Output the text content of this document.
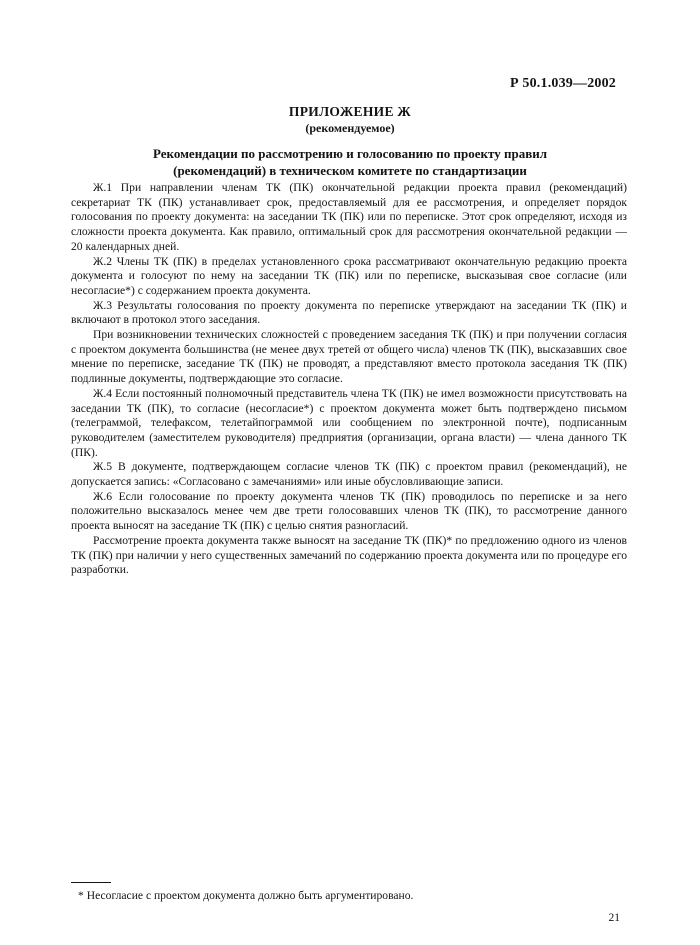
Р 50.1.039—2002
ПРИЛОЖЕНИЕ Ж
(рекомендуемое)
Рекомендации по рассмотрению и голосованию по проекту правил
(рекомендаций) в техническом комитете по стандартизации

Ж.1 При направлении членам ТК (ПК) окончательной редакции проекта правил (рекомендаций) секретариат ТК (ПК) устанавливает срок, предоставляемый для ее рассмотрения, и определяет порядок голосования по проекту документа: на заседании ТК (ПК) или по переписке. Этот срок определяют, исходя из сложности проекта документа. Как правило, оптимальный срок для рассмотрения окончательной редакции — 20 календарных дней.

Ж.2 Члены ТК (ПК) в пределах установленного срока рассматривают окончательную редакцию проекта документа и голосуют по нему на заседании ТК (ПК) или по переписке, высказывая свое согласие (или несогласие*) с содержанием проекта документа.

Ж.3 Результаты голосования по проекту документа по переписке утверждают на заседании ТК (ПК) и включают в протокол этого заседания.

При возникновении технических сложностей с проведением заседания ТК (ПК) и при получении согласия с проектом документа большинства (не менее двух третей от общего числа) членов ТК (ПК), высказавших свое мнение по переписке, заседание ТК (ПК) не проводят, а представляют вместо протокола заседания ТК (ПК) подлинные документы, подтверждающие это согласие.

Ж.4 Если постоянный полномочный представитель члена ТК (ПК) не имел возможности присутствовать на заседании ТК (ПК), то согласие (несогласие*) с проектом документа может быть подтверждено письмом (телеграммой, телефаксом, телетайпограммой или сообщением по электронной почте), подписанным руководителем (заместителем руководителя) предприятия (организации, органа власти) — члена данного ТК (ПК).

Ж.5 В документе, подтверждающем согласие членов ТК (ПК) с проектом правил (рекомендаций), не допускается запись: «Согласовано с замечаниями» или иные обусловливающие записи.

Ж.6 Если голосование по проекту документа членов ТК (ПК) проводилось по переписке и за него положительно высказалось менее чем две трети голосовавших членов ТК (ПК), то рассмотрение данного проекта выносят на заседание ТК (ПК) с целью снятия разногласий.

Рассмотрение проекта документа также выносят на заседание ТК (ПК)* по предложению одного из членов ТК (ПК) при наличии у него существенных замечаний по содержанию проекта документа или по процедуре его разработки.

* Несогласие с проектом документа должно быть аргументировано.
21
